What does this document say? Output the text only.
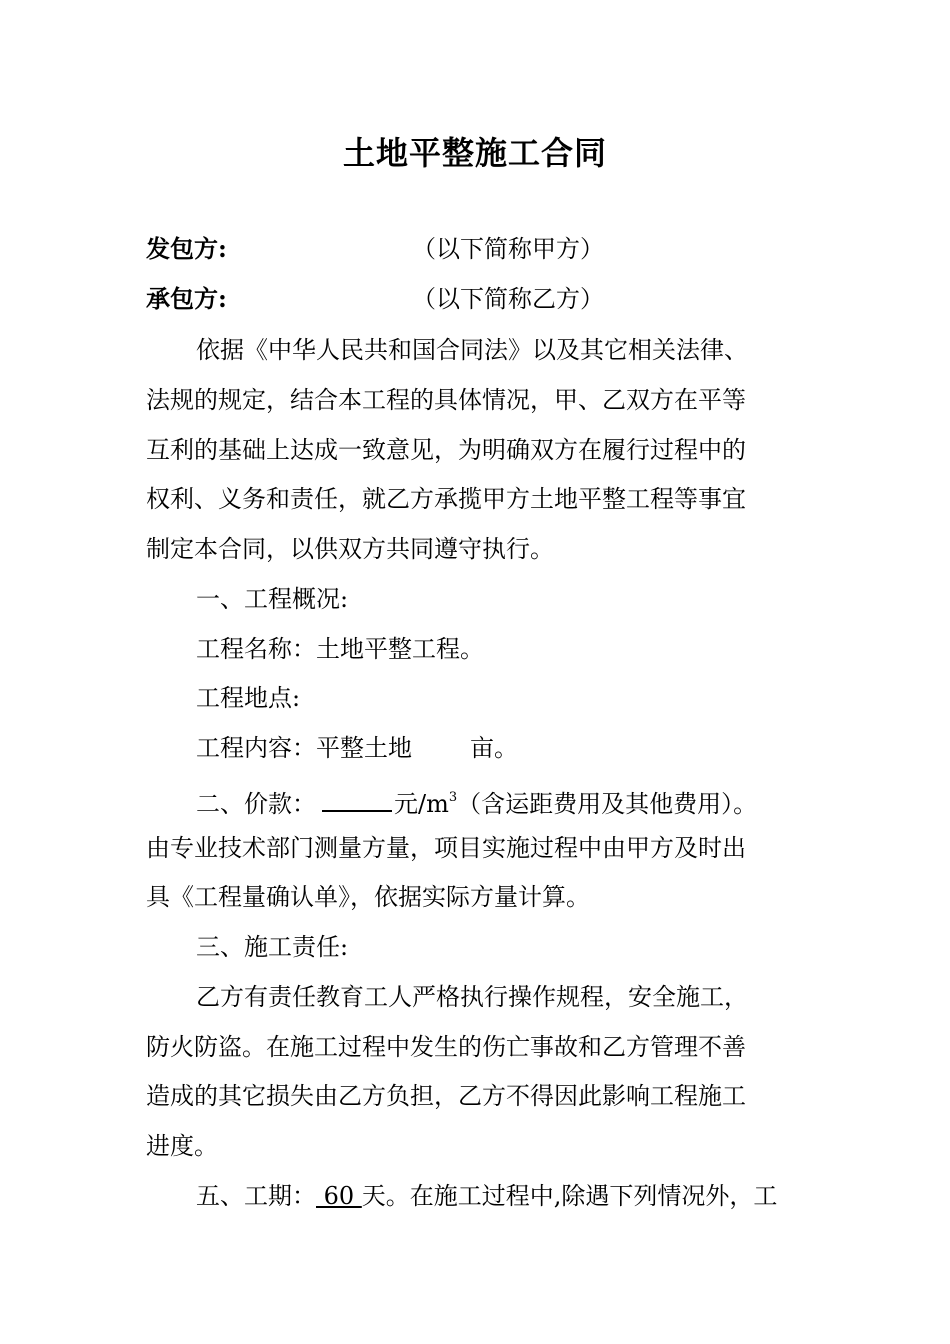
土地平整施工合同
发包方:	（以下简称甲方）
承包方:	（以下简称乙方）
依据《中华人民共和国合同法》以及其它相关法律、
法规的规定，结合本工程的具体情况，甲、乙双方在平等
互利的基础上达成一致意见，为明确双方在履行过程中的
权利、义务和责任，就乙方承揽甲方土地平整工程等事宜
制定本合同，以供双方共同遵守执行。
一、工程概况:
工程名称：土地平整工程。
工程地点:
工程内容：平整土地 亩。
二、价款：	元$/m^3$（含运距费用及其他费用）。
由专业技术部门测量方量，项目实施过程中由甲方及时出
具《工程量确认单》，依据实际方量计算。
三、施工责任:
乙方有责任教育工人严格执行操作规程，安全施工，
防火防盗。在施工过程中发生的伤亡事故和乙方管理不善
造成的其它损失由乙方负担，乙方不得因此影响工程施工
进度。
五、工期： 60 天。在施工过程中,除遇下列情况外，工
